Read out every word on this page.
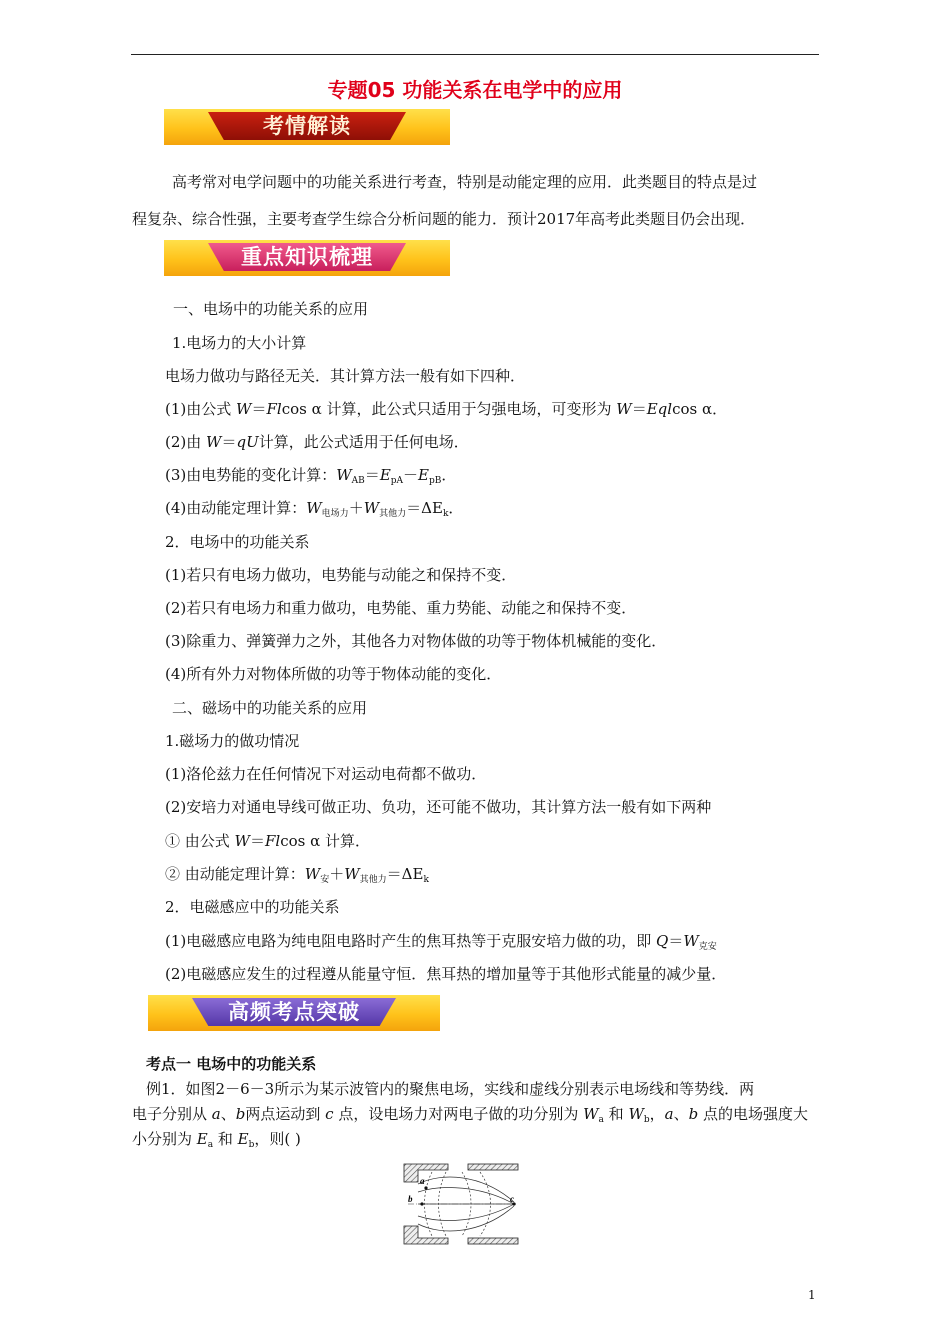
专题05 功能关系在电学中的应用
考情解读
高考常对电学问题中的功能关系进行考查，特别是动能定理的应用．此类题目的特点是过
程复杂、综合性强，主要考查学生综合分析问题的能力．预计2017年高考此类题目仍会出现．
重点知识梳理
一、电场中的功能关系的应用
1.电场力的大小计算
电场力做功与路径无关．其计算方法一般有如下四种．
(1)由公式 W＝Flcos α 计算，此公式只适用于匀强电场，可变形为 W＝Eqlcos α．
(2)由 W＝qU计算，此公式适用于任何电场．
(3)由电势能的变化计算：$W_{AB}=E_{pA}-E_{pB}$．
(4)由动能定理计算：$W_{电场力}+W_{其他力}=\Delta E_k$．
2．电场中的功能关系
(1)若只有电场力做功，电势能与动能之和保持不变．
(2)若只有电场力和重力做功，电势能、重力势能、动能之和保持不变．
(3)除重力、弹簧弹力之外，其他各力对物体做的功等于物体机械能的变化．
(4)所有外力对物体所做的功等于物体动能的变化．
二、磁场中的功能关系的应用
1.磁场力的做功情况
(1)洛伦兹力在任何情况下对运动电荷都不做功．
(2)安培力对通电导线可做正功、负功，还可能不做功，其计算方法一般有如下两种
① 由公式 W＝Flcos α 计算．
② 由动能定理计算：$W_安+W_{其他力}=\Delta E_k$
2．电磁感应中的功能关系
(1)电磁感应电路为纯电阻电路时产生的焦耳热等于克服安培力做的功，即 $Q=W_{克安}$
(2)电磁感应发生的过程遵从能量守恒．焦耳热的增加量等于其他形式能量的减少量．
高频考点突破
考点一 电场中的功能关系
例1．如图2－6－3所示为某示波管内的聚焦电场，实线和虚线分别表示电场线和等势线．两
电子分别从 a、b两点运动到 c 点，设电场力对两电子做的功分别为 $W_a$ 和 $W_b$，a、b 点的电场强度大
小分别为 $E_a$ 和 $E_b$，则( )
a
b	c
1
